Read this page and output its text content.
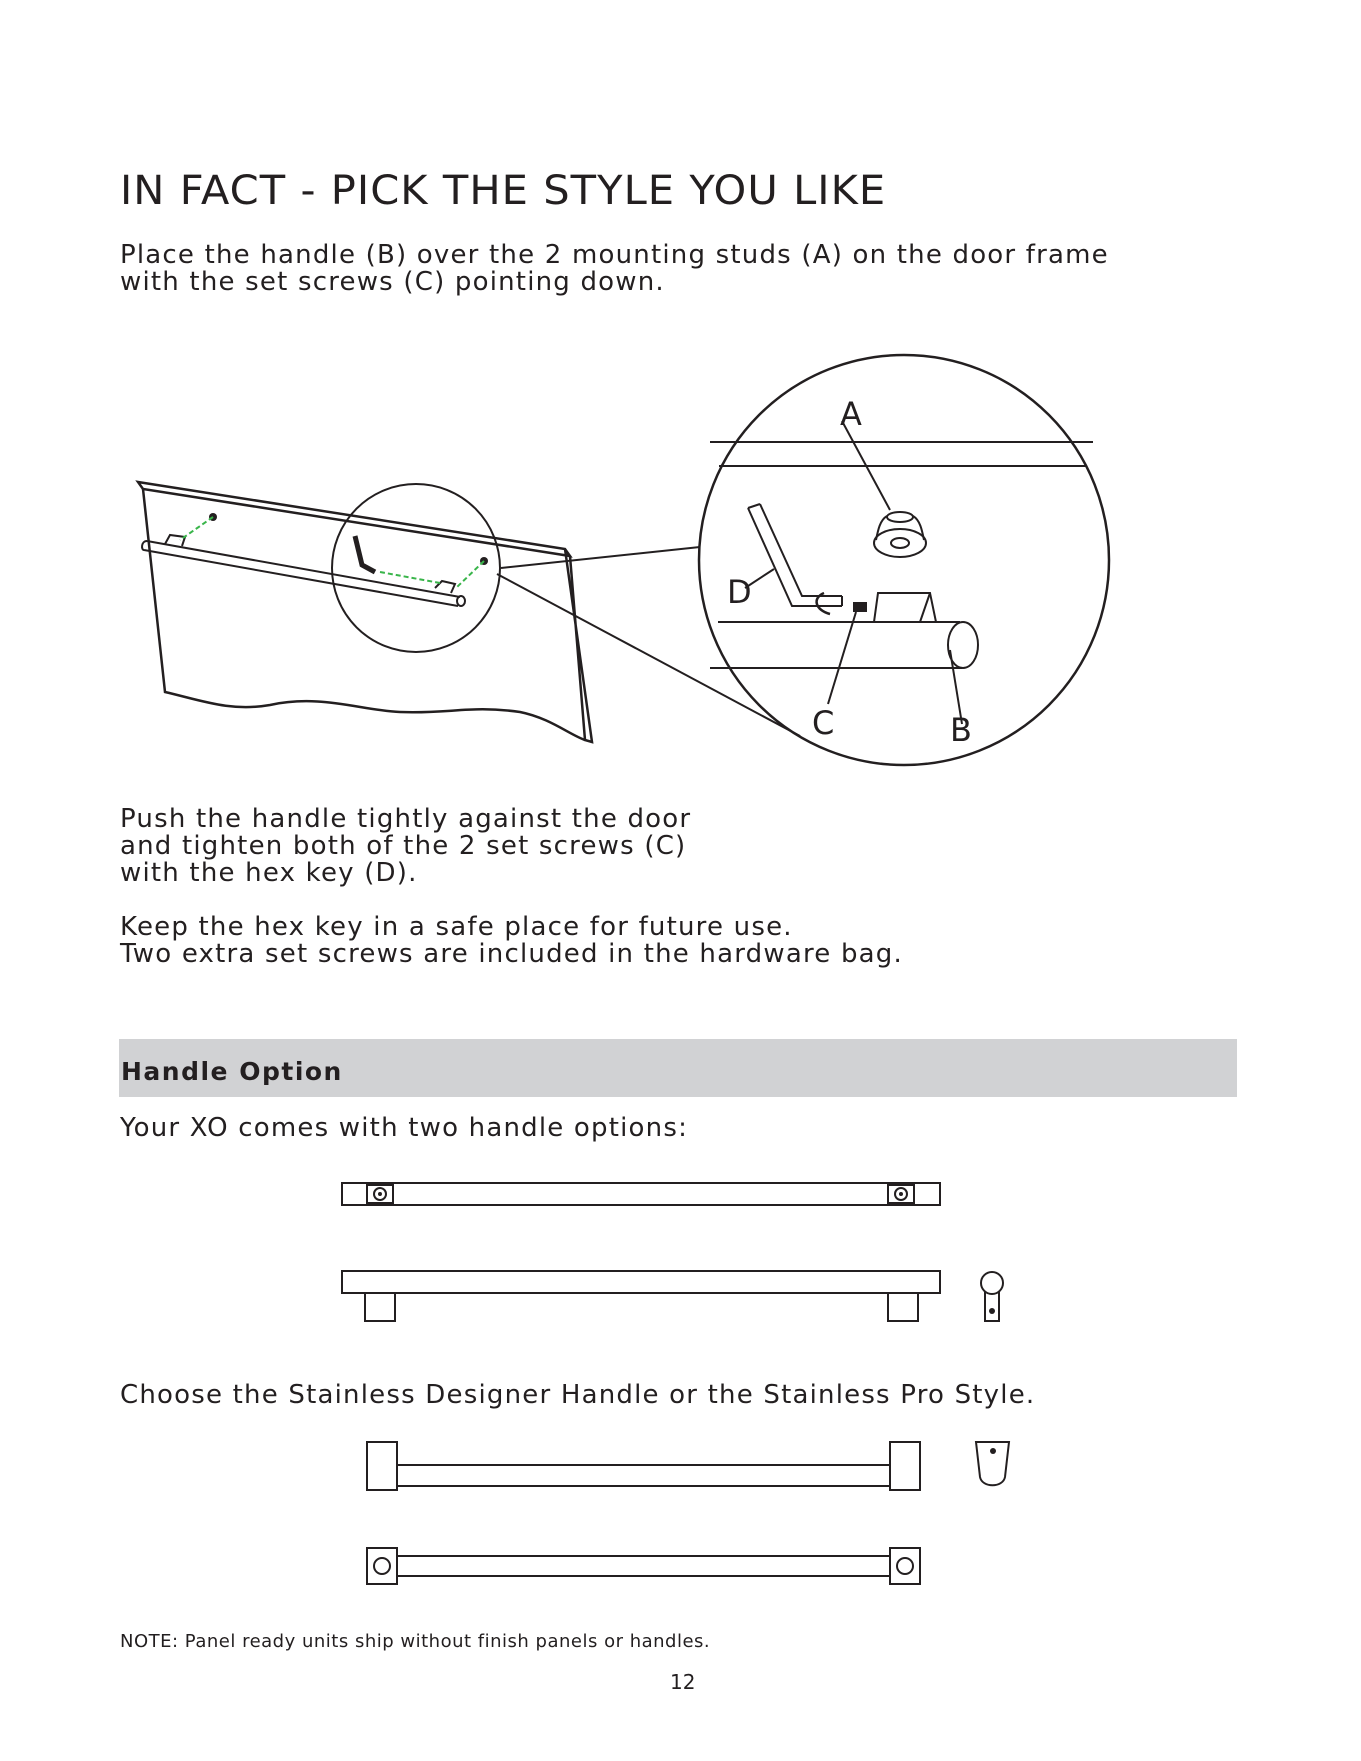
IN FACT - PICK THE STYLE YOU LIKE
Place the handle (B) over the 2 mounting studs (A) on the door frame
with the set screws (C) pointing down.
A
D
C	B
Push the handle tightly against the door
and tighten both of the 2 set screws (C)
with the hex key (D).
Keep the hex key in a safe place for future use.
Two extra set screws are included in the hardware bag.
Handle Option
Your XO comes with two handle options:
Choose the Stainless Designer Handle or the Stainless Pro Style.
NOTE: Panel ready units ship without finish panels or handles.
12
